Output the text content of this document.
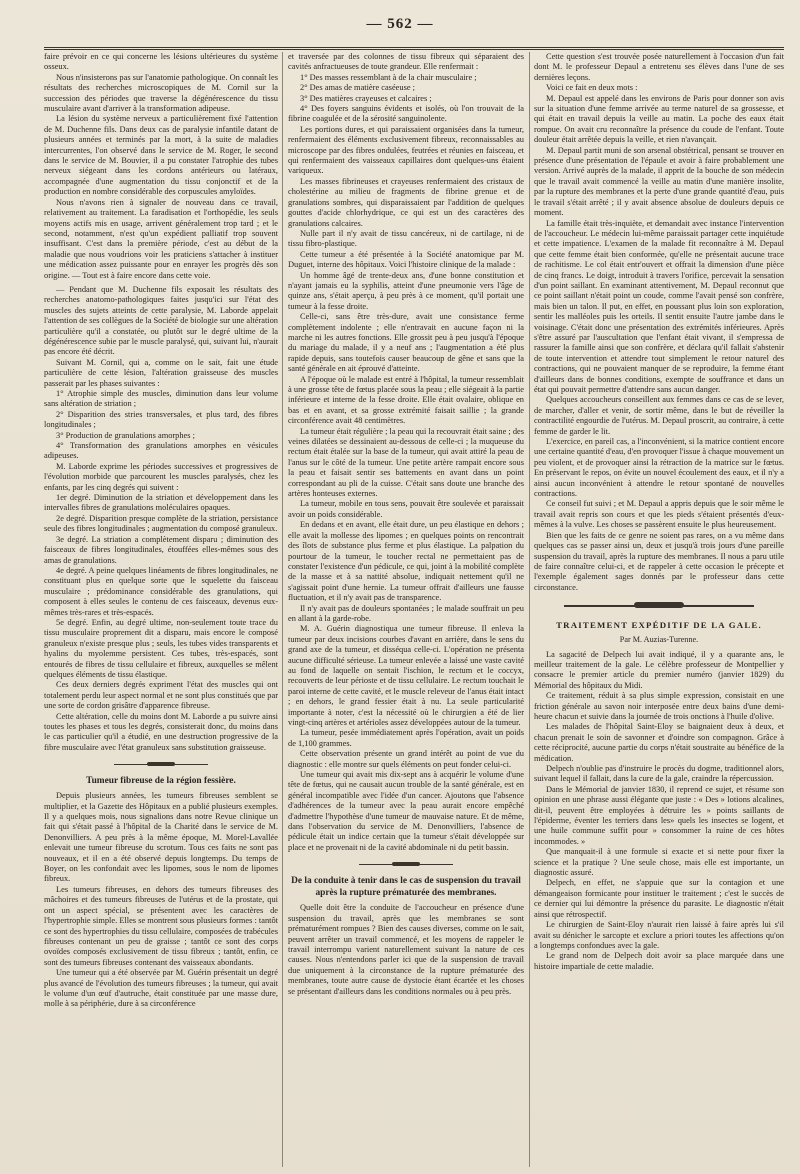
— 562 —

faire prévoir en ce qui concerne les lésions ultérieures du système osseux.

Nous n'insisterons pas sur l'anatomie pathologique. On connaît les résultats des recherches microscopiques de M. Cornil sur la succession des périodes que traverse la dégénérescence du tissu musculaire avant d'arriver à la transformation adipeuse.

La lésion du système nerveux a particulièrement fixé l'attention de M. Duchenne fils. Dans deux cas de paralysie infantile datant de plusieurs années et terminés par la mort, à la suite de maladies intercurrentes, l'on observé dans le service de M. Roger, le second dans le service de M. Bouvier, il a pu constater l'atrophie des tubes nerveux siégeant dans les cordons antérieurs ou latéraux, accompagnée d'une augmentation du tissu conjonctif et de la production en nombre considérable des corpuscules amyloïdes.

Nous n'avons rien à signaler de nouveau dans ce travail, relativement au traitement. La faradisation et l'orthopédie, les seuls moyens actifs mis en usage, arrivent généralement trop tard ; et le second, notamment, n'est qu'un expédient palliatif trop souvent insuffisant. C'est dans la première période, c'est au début de la maladie que nous voudrions voir les praticiens s'attacher à instituer une médication assez puissante pour en enrayer les progrès dès son origine. — Tout est à faire encore dans cette voie.

— Pendant que M. Duchenne fils exposait les résultats des recherches anatomo-pathologiques faites jusqu'ici sur l'état des muscles des sujets atteints de cette paralysie, M. Laborde appelait l'attention de ses collègues de la Société de biologie sur une altération particulière qu'il a constatée, ou plutôt sur le degré ultime de la dégénérescence subie par le muscle paralysé, qui, suivant lui, n'aurait pas encore été décrit.

Suivant M. Cornil, qui a, comme on le sait, fait une étude particulière de cette lésion, l'altération graisseuse des muscles passerait par les phases suivantes :

1° Atrophie simple des muscles, diminution dans leur volume sans altération de striation ;

2° Disparition des stries transversales, et plus tard, des fibres longitudinales ;

3° Production de granulations amorphes ;

4° Transformation des granulations amorphes en vésicules adipeuses.

M. Laborde exprime les périodes successives et progressives de l'évolution morbide que parcourent les muscles paralysés, chez les enfants, par les cinq degrés qui suivent :

1er degré. Diminution de la striation et développement dans les intervalles fibres de granulations moléculaires opaques.

2e degré. Disparition presque complète de la striation, persistance seule des fibres longitudinales ; augmentation du composé granuleux.

3e degré. La striation a complètement disparu ; diminution des faisceaux de fibres longitudinales, étouffées elles-mêmes sous des amas de granulations.

4e degré. A peine quelques linéaments de fibres longitudinales, ne constituant plus en quelque sorte que le squelette du faisceau musculaire ; prédominance considérable des granulations, qui composent à elles seules le contenu de ces faisceaux, devenus eux-mêmes très-rares et très-espacés.

5e degré. Enfin, au degré ultime, non-seulement toute trace du tissu musculaire proprement dit a disparu, mais encore le composé granuleux n'existe presque plus ; seuls, les tubes vides transparents et hyalins du myolemme persistent. Ces tubes, très-espacés, sont entourés de fibres de tissu cellulaire et fibreux, auxquelles se mêlent quelques éléments de tissu élastique.

Ces deux derniers degrés expriment l'état des muscles qui ont totalement perdu leur aspect normal et ne sont plus constitués que par une sorte de cordon grisâtre d'apparence fibreuse.

Cette altération, celle du moins dont M. Laborde a pu suivre ainsi toutes les phases et tous les degrés, consisterait donc, du moins dans le cas particulier qu'il a étudié, en une destruction progressive de la fibre musculaire avec l'état granuleux sans substitution graisseuse.

Tumeur fibreuse de la région fessière.

Depuis plusieurs années, les tumeurs fibreuses semblent se multiplier, et la Gazette des Hôpitaux en a publié plusieurs exemples. Il y a quelques mois, nous signalions dans notre Revue clinique un fait qui s'était passé à l'hôpital de la Charité dans le service de M. Denonvilliers. A peu près à la même époque, M. Morel-Lavallée enlevait une tumeur fibreuse du scrotum. Tous ces faits ne sont pas nouveaux, et il en a été observé depuis longtemps. Du temps de Boyer, on les confondait avec les lipomes, sous le nom de lipomes fibreux.

Les tumeurs fibreuses, en dehors des tumeurs fibreuses des mâchoires et des tumeurs fibreuses de l'utérus et de la prostate, qui ont un aspect spécial, se présentent avec les caractères de l'hypertrophie simple. Elles se montrent sous plusieurs formes : tantôt ce sont des hypertrophies du tissu cellulaire, composées de trabécules fibreuses contenant un peu de graisse ; tantôt ce sont des corps ovoïdes composés exclusivement de tissu fibreux ; tantôt, enfin, ce sont des tumeurs fibreuses contenant des vaisseaux abondants.

Une tumeur qui a été observée par M. Guérin présentait un degré plus avancé de l'évolution des tumeurs fibreuses ; la tumeur, qui avait le volume d'un œuf d'autruche, était constituée par une masse dure, molle à sa périphérie, dure à sa circonférence

et traversée par des colonnes de tissu fibreux qui séparaient des cavités anfractueuses de toute grandeur. Elle renfermait :

1° Des masses ressemblant à de la chair musculaire ;

2° Des amas de matière caséeuse ;

3° Des matières crayeuses et calcaires ;

4° Des foyers sanguins évidents et isolés, où l'on trouvait de la fibrine coagulée et de la sérosité sanguinolente.

Les portions dures, et qui paraissaient organisées dans la tumeur, renfermaient des éléments exclusivement fibreux, reconnaissables au microscope par des fibres ondulées, feutrées et réunies en faisceau, et qui renfermaient des vaisseaux capillaires dont quelques-uns étaient variqueux.

Les masses fibrineuses et crayeuses renfermaient des cristaux de cholestérine au milieu de fragments de fibrine grenue et de granulations sombres, qui disparaissaient par l'addition de quelques gouttes d'acide chlorhydrique, ce qui est un des caractères des granulations calcaires.

Nulle part il n'y avait de tissu cancéreux, ni de cartilage, ni de tissu fibro-plastique.

Cette tumeur a été présentée à la Société anatomique par M. Duguet, interne des hôpitaux. Voici l'histoire clinique de la malade :

Un homme âgé de trente-deux ans, d'une bonne constitution et n'ayant jamais eu la syphilis, atteint d'une pneumonie vers l'âge de quinze ans, s'était aperçu, à peu près à ce moment, qu'il portait une tumeur à la fesse droite.

Celle-ci, sans être très-dure, avait une consistance ferme complètement indolente ; elle n'entravait en aucune façon ni la marche ni les autres fonctions. Elle grossit peu à peu jusqu'à l'époque du mariage du malade, il y a neuf ans ; l'augmentation a été plus rapide depuis, sans toutefois causer beaucoup de gêne et sans que la santé générale en ait éprouvé d'atteinte.

A l'époque où le malade est entré à l'hôpital, la tumeur ressemblait à une grosse tête de fœtus placée sous la peau ; elle siégeait à la partie inférieure et interne de la fesse droite. Elle était ovalaire, oblique en bas et en avant, et sa grosse extrémité faisait saillie ; la grande circonférence avait 48 centimètres.

La tumeur était régulière ; la peau qui la recouvrait était saine ; des veines dilatées se dessinaient au-dessous de celle-ci ; la muqueuse du rectum était étalée sur la base de la tumeur, qui avait attiré la peau de l'anus sur le côté de la tumeur. Une petite artère rampait encore sous la peau et faisait sentir ses battements en avant dans un point correspondant au pli de la cuisse. C'était sans doute une branche des artères honteuses externes.

La tumeur, mobile en tous sens, pouvait être soulevée et paraissait avoir un poids considérable.

En dedans et en avant, elle était dure, un peu élastique en dehors ; elle avait la mollesse des lipomes ; en quelques points on rencontrait des îlots de substance plus ferme et plus élastique. La palpation du pourtour de la tumeur, le toucher rectal ne permettaient pas de constater l'existence d'un pédicule, ce qui, joint à la mobilité complète de la masse et à sa nattité absolue, indiquait nettement qu'il ne s'agissait point d'une hernie. La tumeur offrait d'ailleurs une fausse fluctuation, et il n'y avait pas de transparence.

Il n'y avait pas de douleurs spontanées ; le malade souffrait un peu en allant à la garde-robe.

M. A. Guérin diagnostiqua une tumeur fibreuse. Il enleva la tumeur par deux incisions courbes d'avant en arrière, dans le sens du grand axe de la tumeur, et disséqua celle-ci. L'opération ne présenta aucune difficulté sérieuse. La tumeur enlevée a laissé une vaste cavité au fond de laquelle on sentait l'ischion, le rectum et le coccyx, recouverts de leur périoste et de tissu cellulaire. Le rectum touchait le paroi interne de cette cavité, et le muscle releveur de l'anus était intact ; en dehors, le grand fessier était à nu. La seule particularité importante à noter, c'est la nécessité où le chirurgien a été de lier vingt-cinq artères et artérioles assez développées autour de la tumeur.

La tumeur, pesée immédiatement après l'opération, avait un poids de 1,100 grammes.

Cette observation présente un grand intérêt au point de vue du diagnostic : elle montre sur quels éléments on peut fonder celui-ci.

Une tumeur qui avait mis dix-sept ans à acquérir le volume d'une tête de fœtus, qui ne causait aucun trouble de la santé générale, est en général incompatible avec l'idée d'un cancer. Ajoutons que l'absence d'adhérences de la tumeur avec la peau aurait encore empêché d'admettre l'hypothèse d'une tumeur de mauvaise nature. Et de même, dans l'observation du service de M. Denonvilliers, l'absence de pédicule était un indice certain que la tumeur s'était développée sur place et ne provenait ni de la cavité abdominale ni du petit bassin.

De la conduite à tenir dans le cas de suspension du travail après la rupture prématurée des membranes.

Quelle doit être la conduite de l'accoucheur en présence d'une suspension du travail, après que les membranes se sont prématurément rompues ? Bien des causes diverses, comme on le sait, peuvent arrêter un travail commencé, et les moyens de rappeler le travail interrompu varient naturellement suivant la nature de ces causes. Nous n'entendons parler ici que de la suspension de travail due uniquement à la circonstance de la rupture prématurée des membranes, toute autre cause de dystocie étant écartée et les choses se présentant d'ailleurs dans les conditions normales ou à peu près.

Cette question s'est trouvée posée naturellement à l'occasion d'un fait dont M. le professeur Depaul a entretenu ses élèves dans l'une de ses dernières leçons.

Voici ce fait en deux mots :

M. Depaul est appelé dans les environs de Paris pour donner son avis sur la situation d'une femme arrivée au terme naturel de sa grossesse, et qui était en travail depuis la veille au matin. La poche des eaux était rompue. On avait cru reconnaître la présence du coude de l'enfant. Toute douleur était arrêtée depuis la veille, et rien n'avançait.

M. Depaul partit muni de son arsenal obstétrical, pensant se trouver en présence d'une présentation de l'épaule et avoir à faire probablement une version. Arrivé auprès de la malade, il apprit de la bouche de son médecin que le travail avait commencé la veille au matin d'une manière insolite, par la rupture des membranes et la perte d'une grande quantité d'eau, puis le travail s'était arrêté ; il y avait absence absolue de douleurs depuis ce moment.

La famille était très-inquiète, et demandait avec instance l'intervention de l'accoucheur. Le médecin lui-même paraissait partager cette inquiétude et cette impatience. L'examen de la malade fit reconnaître à M. Depaul que cette femme était bien conformée, qu'elle ne présentait aucune trace de rachitisme. Le col était entr'ouvert et offrait la dimension d'une pièce de cinq francs. Le doigt, introduit à travers l'orifice, percevait la sensation d'un point saillant. En examinant attentivement, M. Depaul reconnut que ce point saillant n'était point un coude, comme l'avait pensé son confrère, mais bien un talon. Il put, en effet, en poussant plus loin son exploration, sentir les malléoles puis les orteils. Il sentit ensuite l'autre jambe dans le voisinage. C'était donc une présentation des extrémités inférieures. Après s'être assuré par l'auscultation que l'enfant était vivant, il s'empressa de rassurer la famille ainsi que son confrère, et déclara qu'il fallait s'abstenir de toute intervention et attendre tout simplement le retour naturel des contractions, qui ne pouvaient manquer de se reproduire, la femme étant d'ailleurs dans de bonnes conditions, exempte de souffrance et dans un état qui pouvait permettre d'attendre sans aucun danger.

Quelques accoucheurs conseillent aux femmes dans ce cas de se lever, de marcher, d'aller et venir, de sortir même, dans le but de réveiller la contractilité engourdie de l'utérus. M. Depaul proscrit, au contraire, à cette femme de garder le lit.

L'exercice, en pareil cas, a l'inconvénient, si la matrice contient encore une certaine quantité d'eau, d'en provoquer l'issue à chaque mouvement un peu violent, et de provoquer ainsi la rétraction de la matrice sur le fœtus. En préservant le repos, on évite un nouvel écoulement des eaux, et il n'y a ainsi aucun inconvénient à attendre le retour spontané de nouvelles contractions.

Ce conseil fut suivi ; et M. Depaul a appris depuis que le soir même le travail avait repris son cours et que les pieds s'étaient présentés d'eux-mêmes à la vulve. Les choses se passèrent ensuite le plus heureusement.

Bien que les faits de ce genre ne soient pas rares, on a vu même dans quelques cas se passer ainsi un, deux et jusqu'à trois jours d'une pareille suspension du travail, après la rupture des membranes. Il nous a paru utile de faire connaître celui-ci, et de rappeler à cette occasion le précepte et l'exemple également sages donnés par le professeur dans cette circonstance.

TRAITEMENT EXPÉDITIF DE LA GALE.

Par M. Auzias-Turenne.

La sagacité de Delpech lui avait indiqué, il y a quarante ans, le meilleur traitement de la gale. Le célèbre professeur de Montpellier y consacre le premier article du premier numéro (janvier 1829) du Mémorial des hôpitaux du Midi.

Ce traitement, réduit à sa plus simple expression, consistait en une friction générale au savon noir interposée entre deux bains d'une demi-heure chacun et suivie dans la journée de trois onctions à l'huile d'olive.

Les malades de l'hôpital Saint-Eloy se baignaient deux à deux, et chacun prenait le soin de savonner et d'oindre son compagnon. Grâce à cette réciprocité, aucune partie du corps n'était soustraite au bénéfice de la médication.

Delpech n'oublie pas d'instruire le procès du dogme, traditionnel alors, suivant lequel il fallait, dans la cure de la gale, craindre la répercussion.

Dans le Mémorial de janvier 1830, il reprend ce sujet, et résume son opinion en une phrase aussi élégante que juste : « Des » lotions alcalines, dit-il, peuvent être employées à détruire les » points saillants de l'épiderme, éventer les terriers dans les» quels les insectes se logent, et une huile commune suffit pour » consommer la ruine de ces hôtes incommodes. »

Que manquait-il à une formule si exacte et si nette pour fixer la science et la pratique ? Une seule chose, mais elle est importante, un diagnostic assuré.

Delpech, en effet, ne s'appuie que sur la contagion et une démangeaison formicante pour instituer le traitement ; c'est le succès de ce dernier qui lui démontre la présence du parasite. Le diagnostic n'était ainsi que rétrospectif.

Le chirurgien de Saint-Eloy n'aurait rien laissé à faire après lui s'il avait su dénicher le sarcopte et exclure a priori toutes les affections qu'on a longtemps confondues avec la gale.

Le grand nom de Delpech doit avoir sa place marquée dans une histoire impartiale de cette maladie.
